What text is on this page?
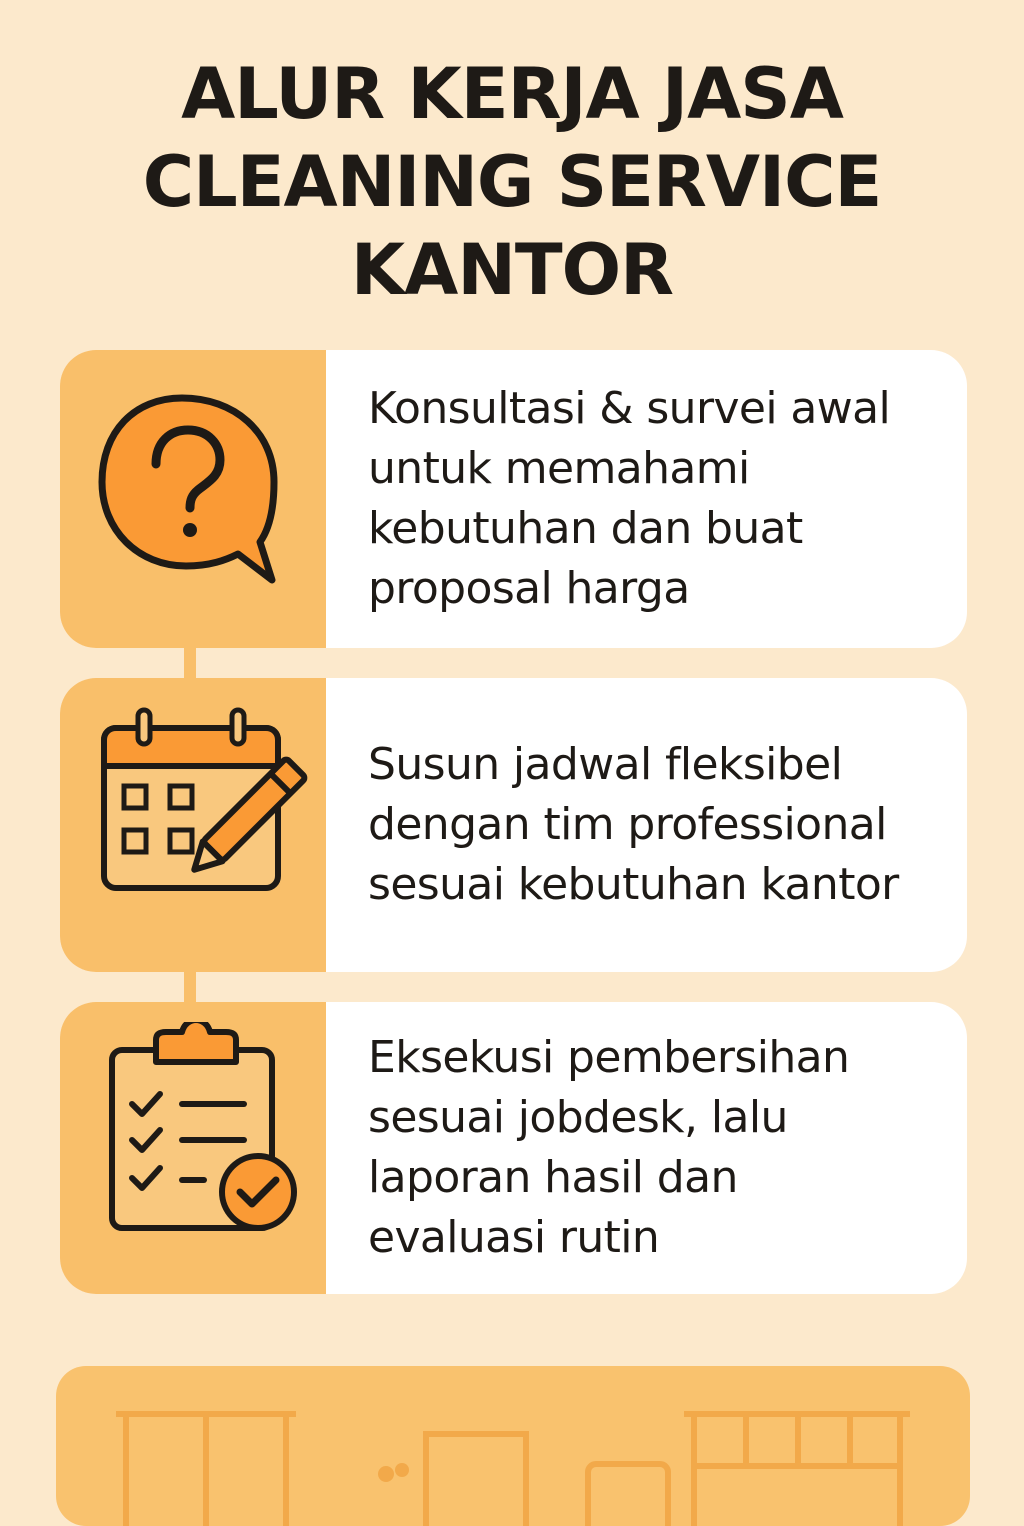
ALUR KERJA JASA
CLEANING SERVICE
KANTOR

Konsultasi & survei awal untuk memahami kebutuhan dan buat proposal harga

Susun jadwal fleksibel dengan tim professional sesuai kebutuhan kantor

Eksekusi pembersihan sesuai jobdesk, lalu laporan hasil dan evaluasi rutin
